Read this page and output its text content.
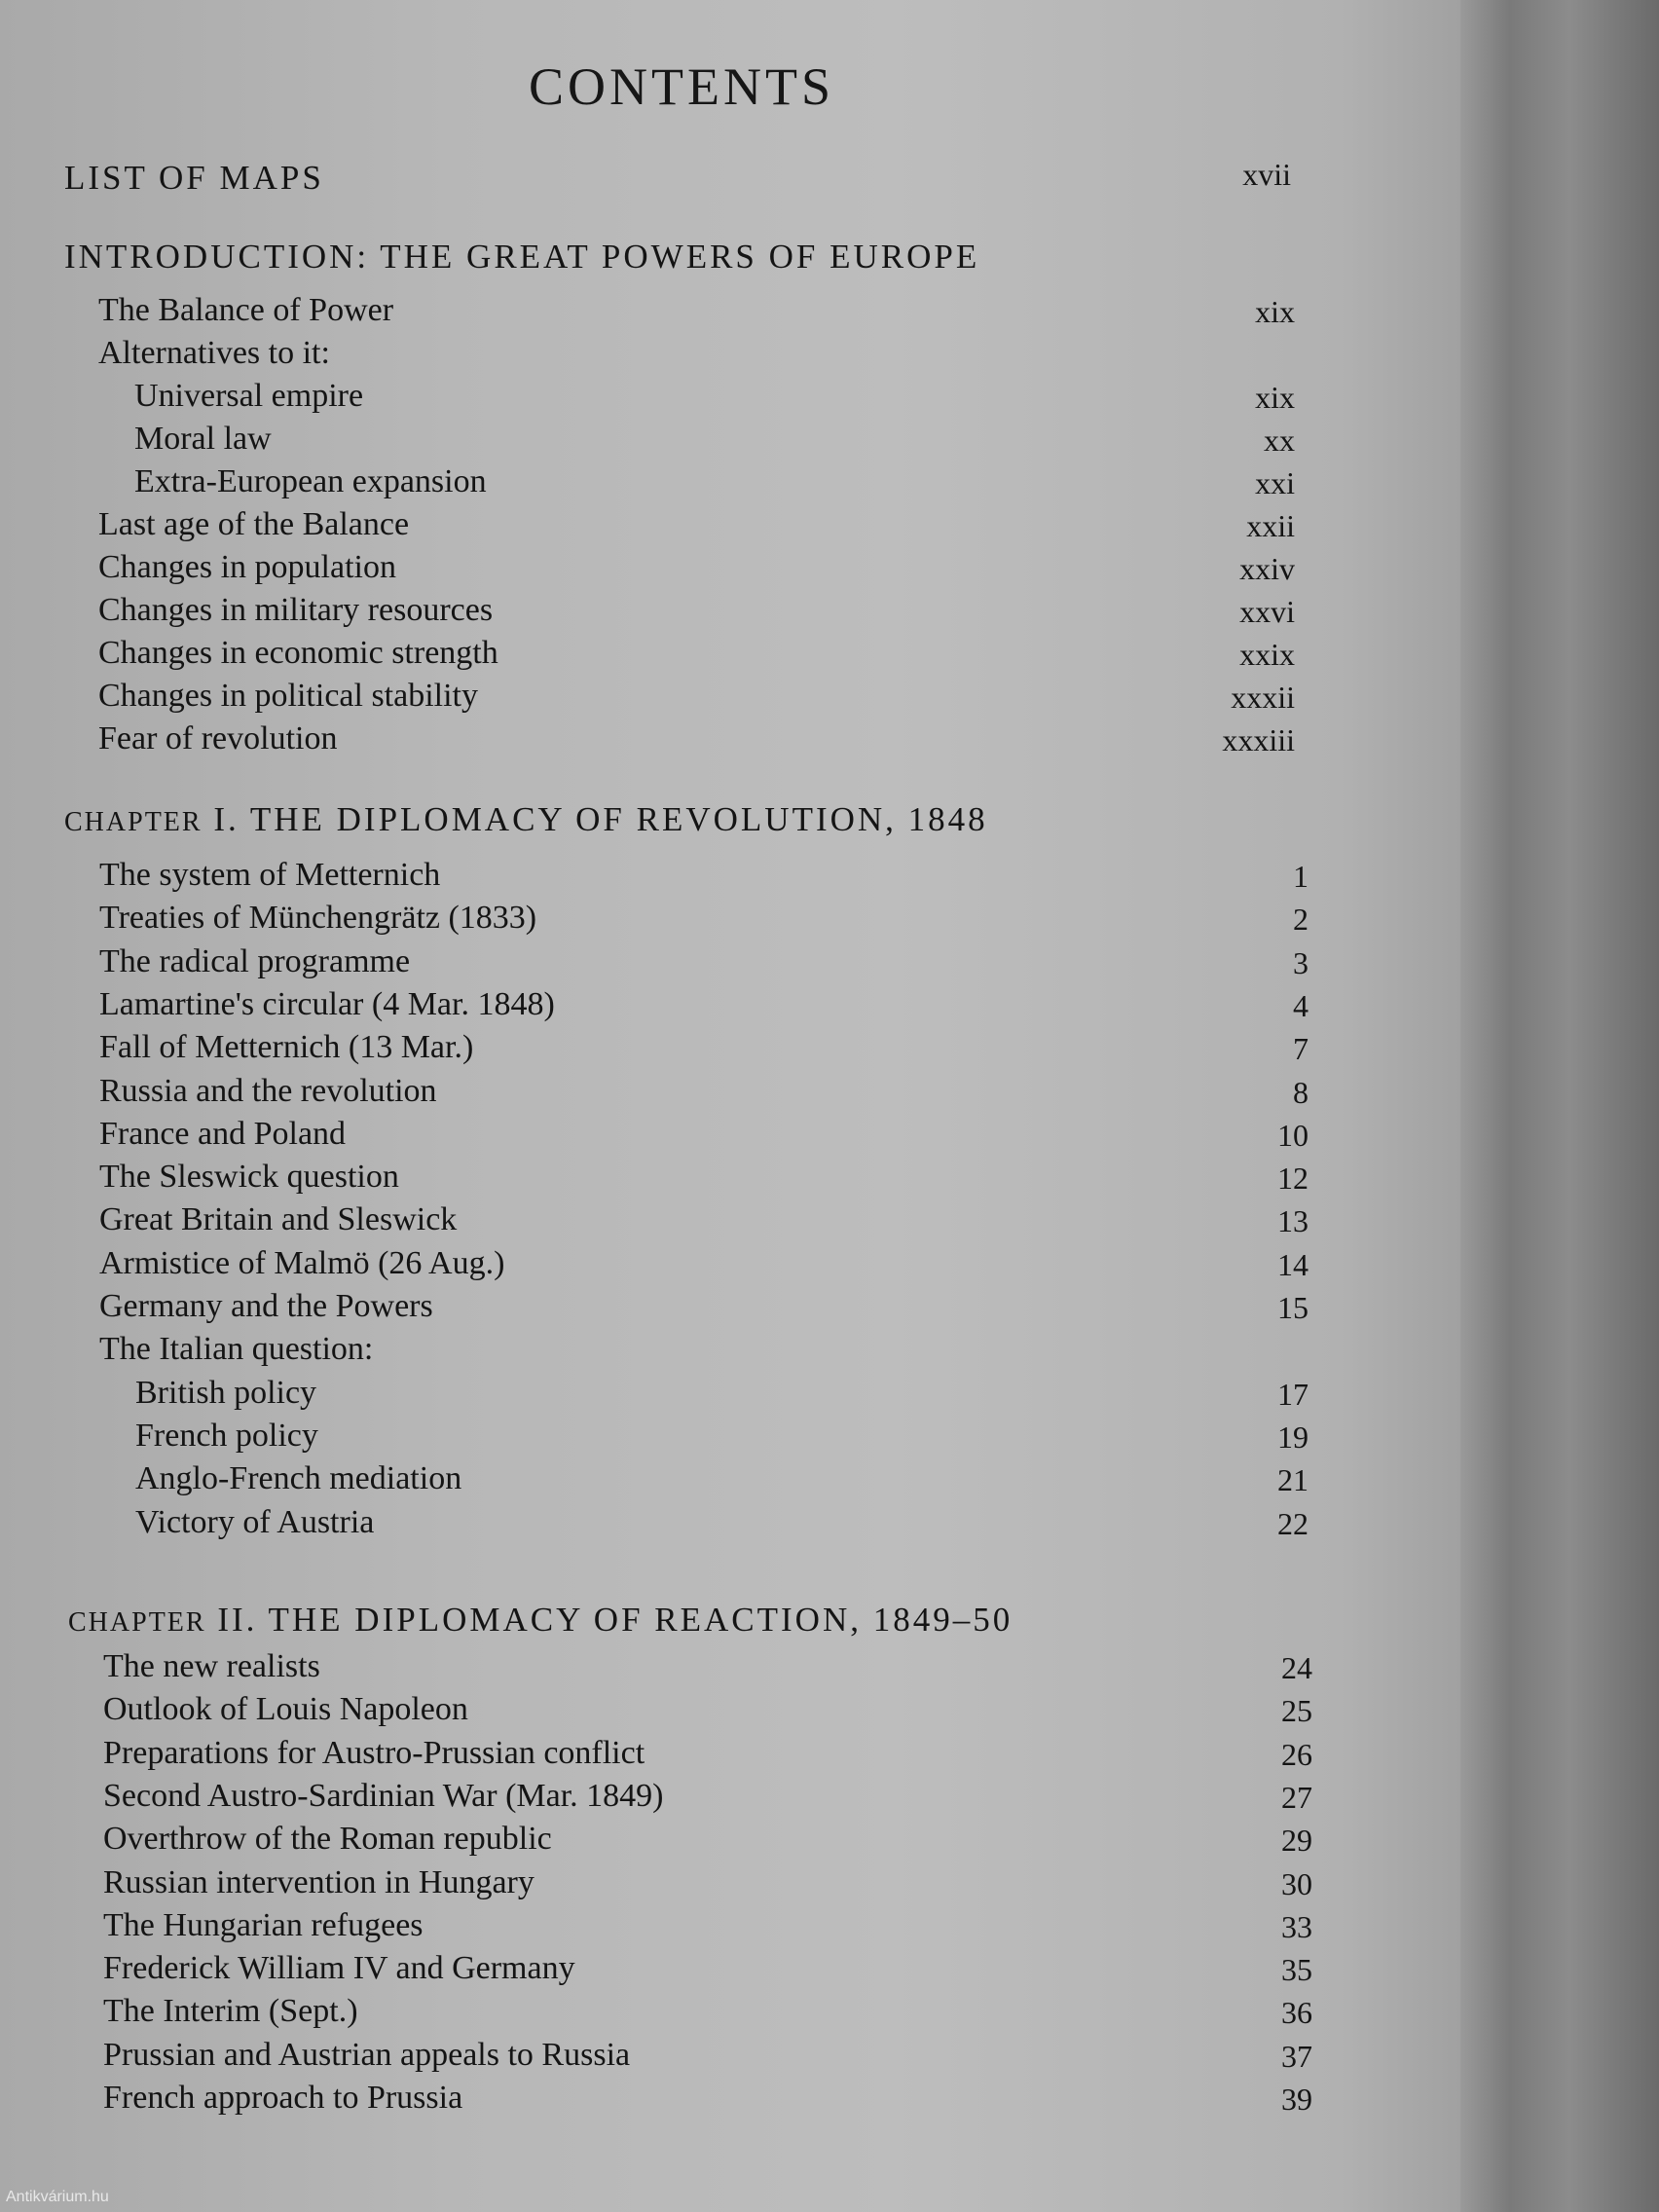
CONTENTS
LIST OF MAPS	xvii
INTRODUCTION: THE GREAT POWERS OF EUROPE
The Balance of Power	xix
Alternatives to it:
Universal empire	xix
Moral law	xx
Extra-European expansion	xxi
Last age of the Balance	xxii
Changes in population	xxiv
Changes in military resources	xxvi
Changes in economic strength	xxix
Changes in political stability	xxxii
Fear of revolution	xxxiii
CHAPTER I. THE DIPLOMACY OF REVOLUTION, 1848
The system of Metternich	1
Treaties of Münchengrätz (1833)	2
The radical programme	3
Lamartine's circular (4 Mar. 1848)	4
Fall of Metternich (13 Mar.)	7
Russia and the revolution	8
France and Poland	10
The Sleswick question	12
Great Britain and Sleswick	13
Armistice of Malmö (26 Aug.)	14
Germany and the Powers	15
The Italian question:
British policy	17
French policy	19
Anglo-French mediation	21
Victory of Austria	22
CHAPTER II. THE DIPLOMACY OF REACTION, 1849–50
The new realists	24
Outlook of Louis Napoleon	25
Preparations for Austro-Prussian conflict	26
Second Austro-Sardinian War (Mar. 1849)	27
Overthrow of the Roman republic	29
Russian intervention in Hungary	30
The Hungarian refugees	33
Frederick William IV and Germany	35
The Interim (Sept.)	36
Prussian and Austrian appeals to Russia	37
French approach to Prussia	39
Antikvárium.hu
